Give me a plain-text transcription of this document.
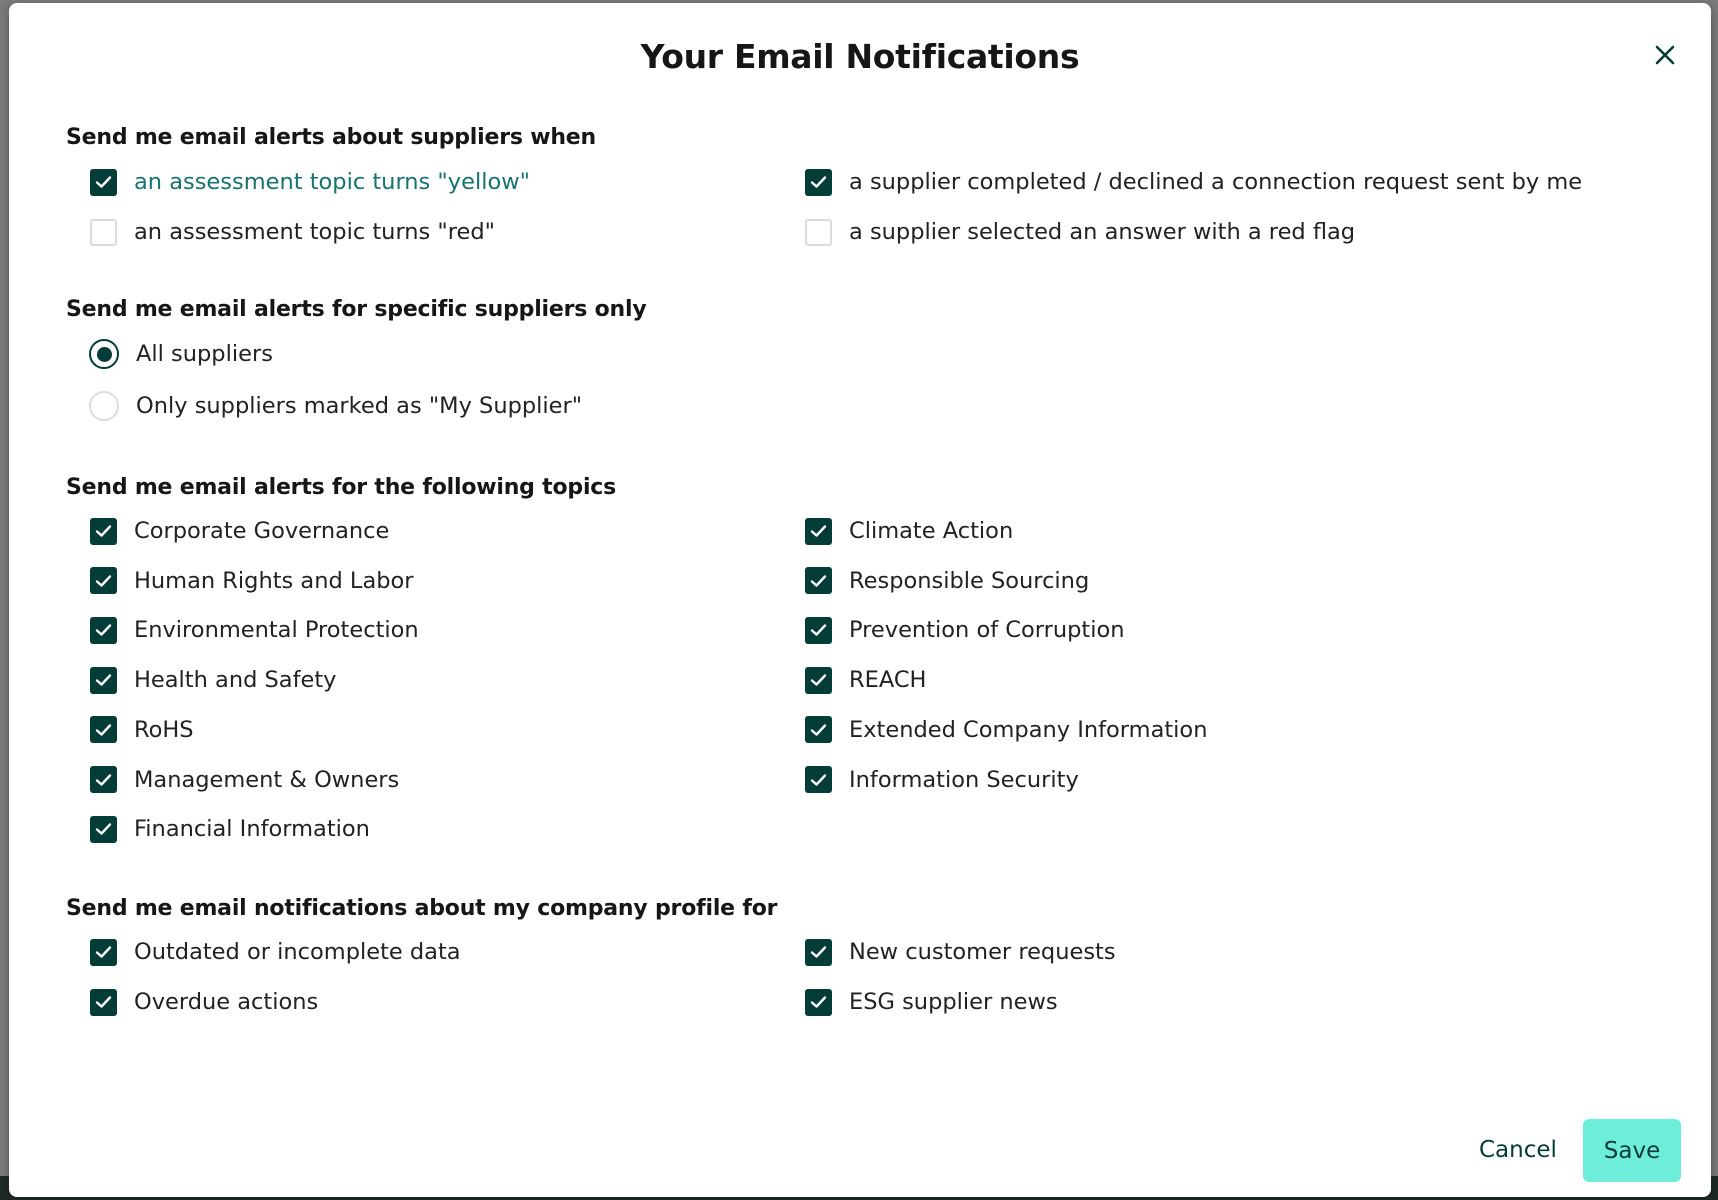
Your Email Notifications
Send me email alerts about suppliers when
an assessment topic turns "yellow"	a supplier completed / declined a connection request sent by me
an assessment topic turns "red"	a supplier selected an answer with a red flag
Send me email alerts for specific suppliers only
All suppliers
Only suppliers marked as "My Supplier"
Send me email alerts for the following topics
Corporate Governance	Climate Action
Human Rights and Labor	Responsible Sourcing
Environmental Protection	Prevention of Corruption
Health and Safety	REACH
RoHS	Extended Company Information
Management & Owners	Information Security
Financial Information
Send me email notifications about my company profile for
Outdated or incomplete data	New customer requests
Overdue actions	ESG supplier news
Cancel	Save
